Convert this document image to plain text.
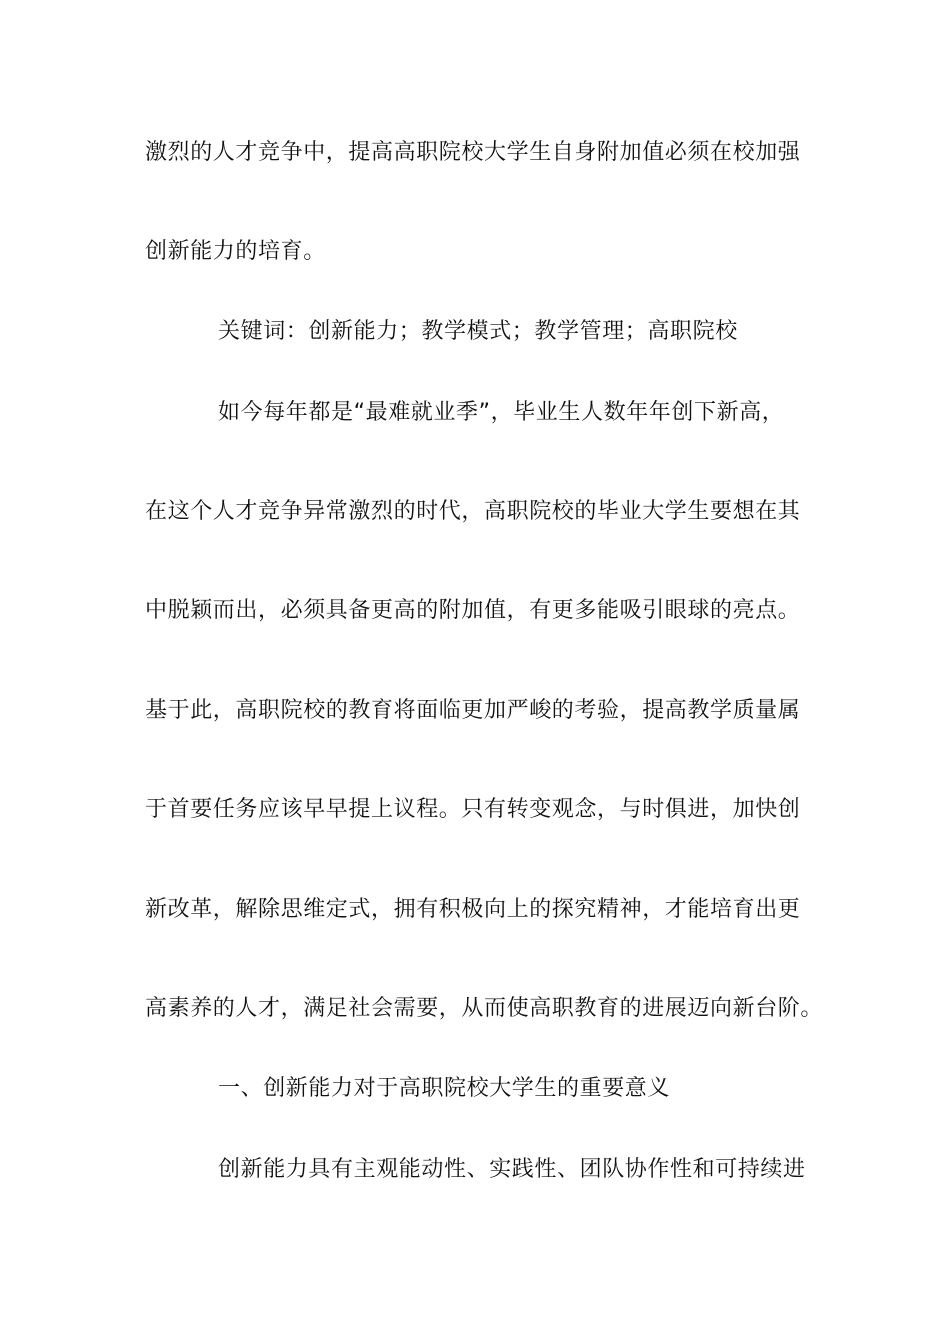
激烈的人才竞争中，提高高职院校大学生自身附加值必须在校加强
创新能力的培育。
关键词：创新能力；教学模式；教学管理；高职院校
如今每年都是“最难就业季”，毕业生人数年年创下新高，
在这个人才竞争异常激烈的时代，高职院校的毕业大学生要想在其
中脱颖而出，必须具备更高的附加值，有更多能吸引眼球的亮点。
基于此，高职院校的教育将面临更加严峻的考验，提高教学质量属
于首要任务应该早早提上议程。只有转变观念，与时俱进，加快创
新改革，解除思维定式，拥有积极向上的探究精神，才能培育出更
高素养的人才，满足社会需要，从而使高职教育的进展迈向新台阶。
一、创新能力对于高职院校大学生的重要意义
创新能力具有主观能动性、实践性、团队协作性和可持续进
